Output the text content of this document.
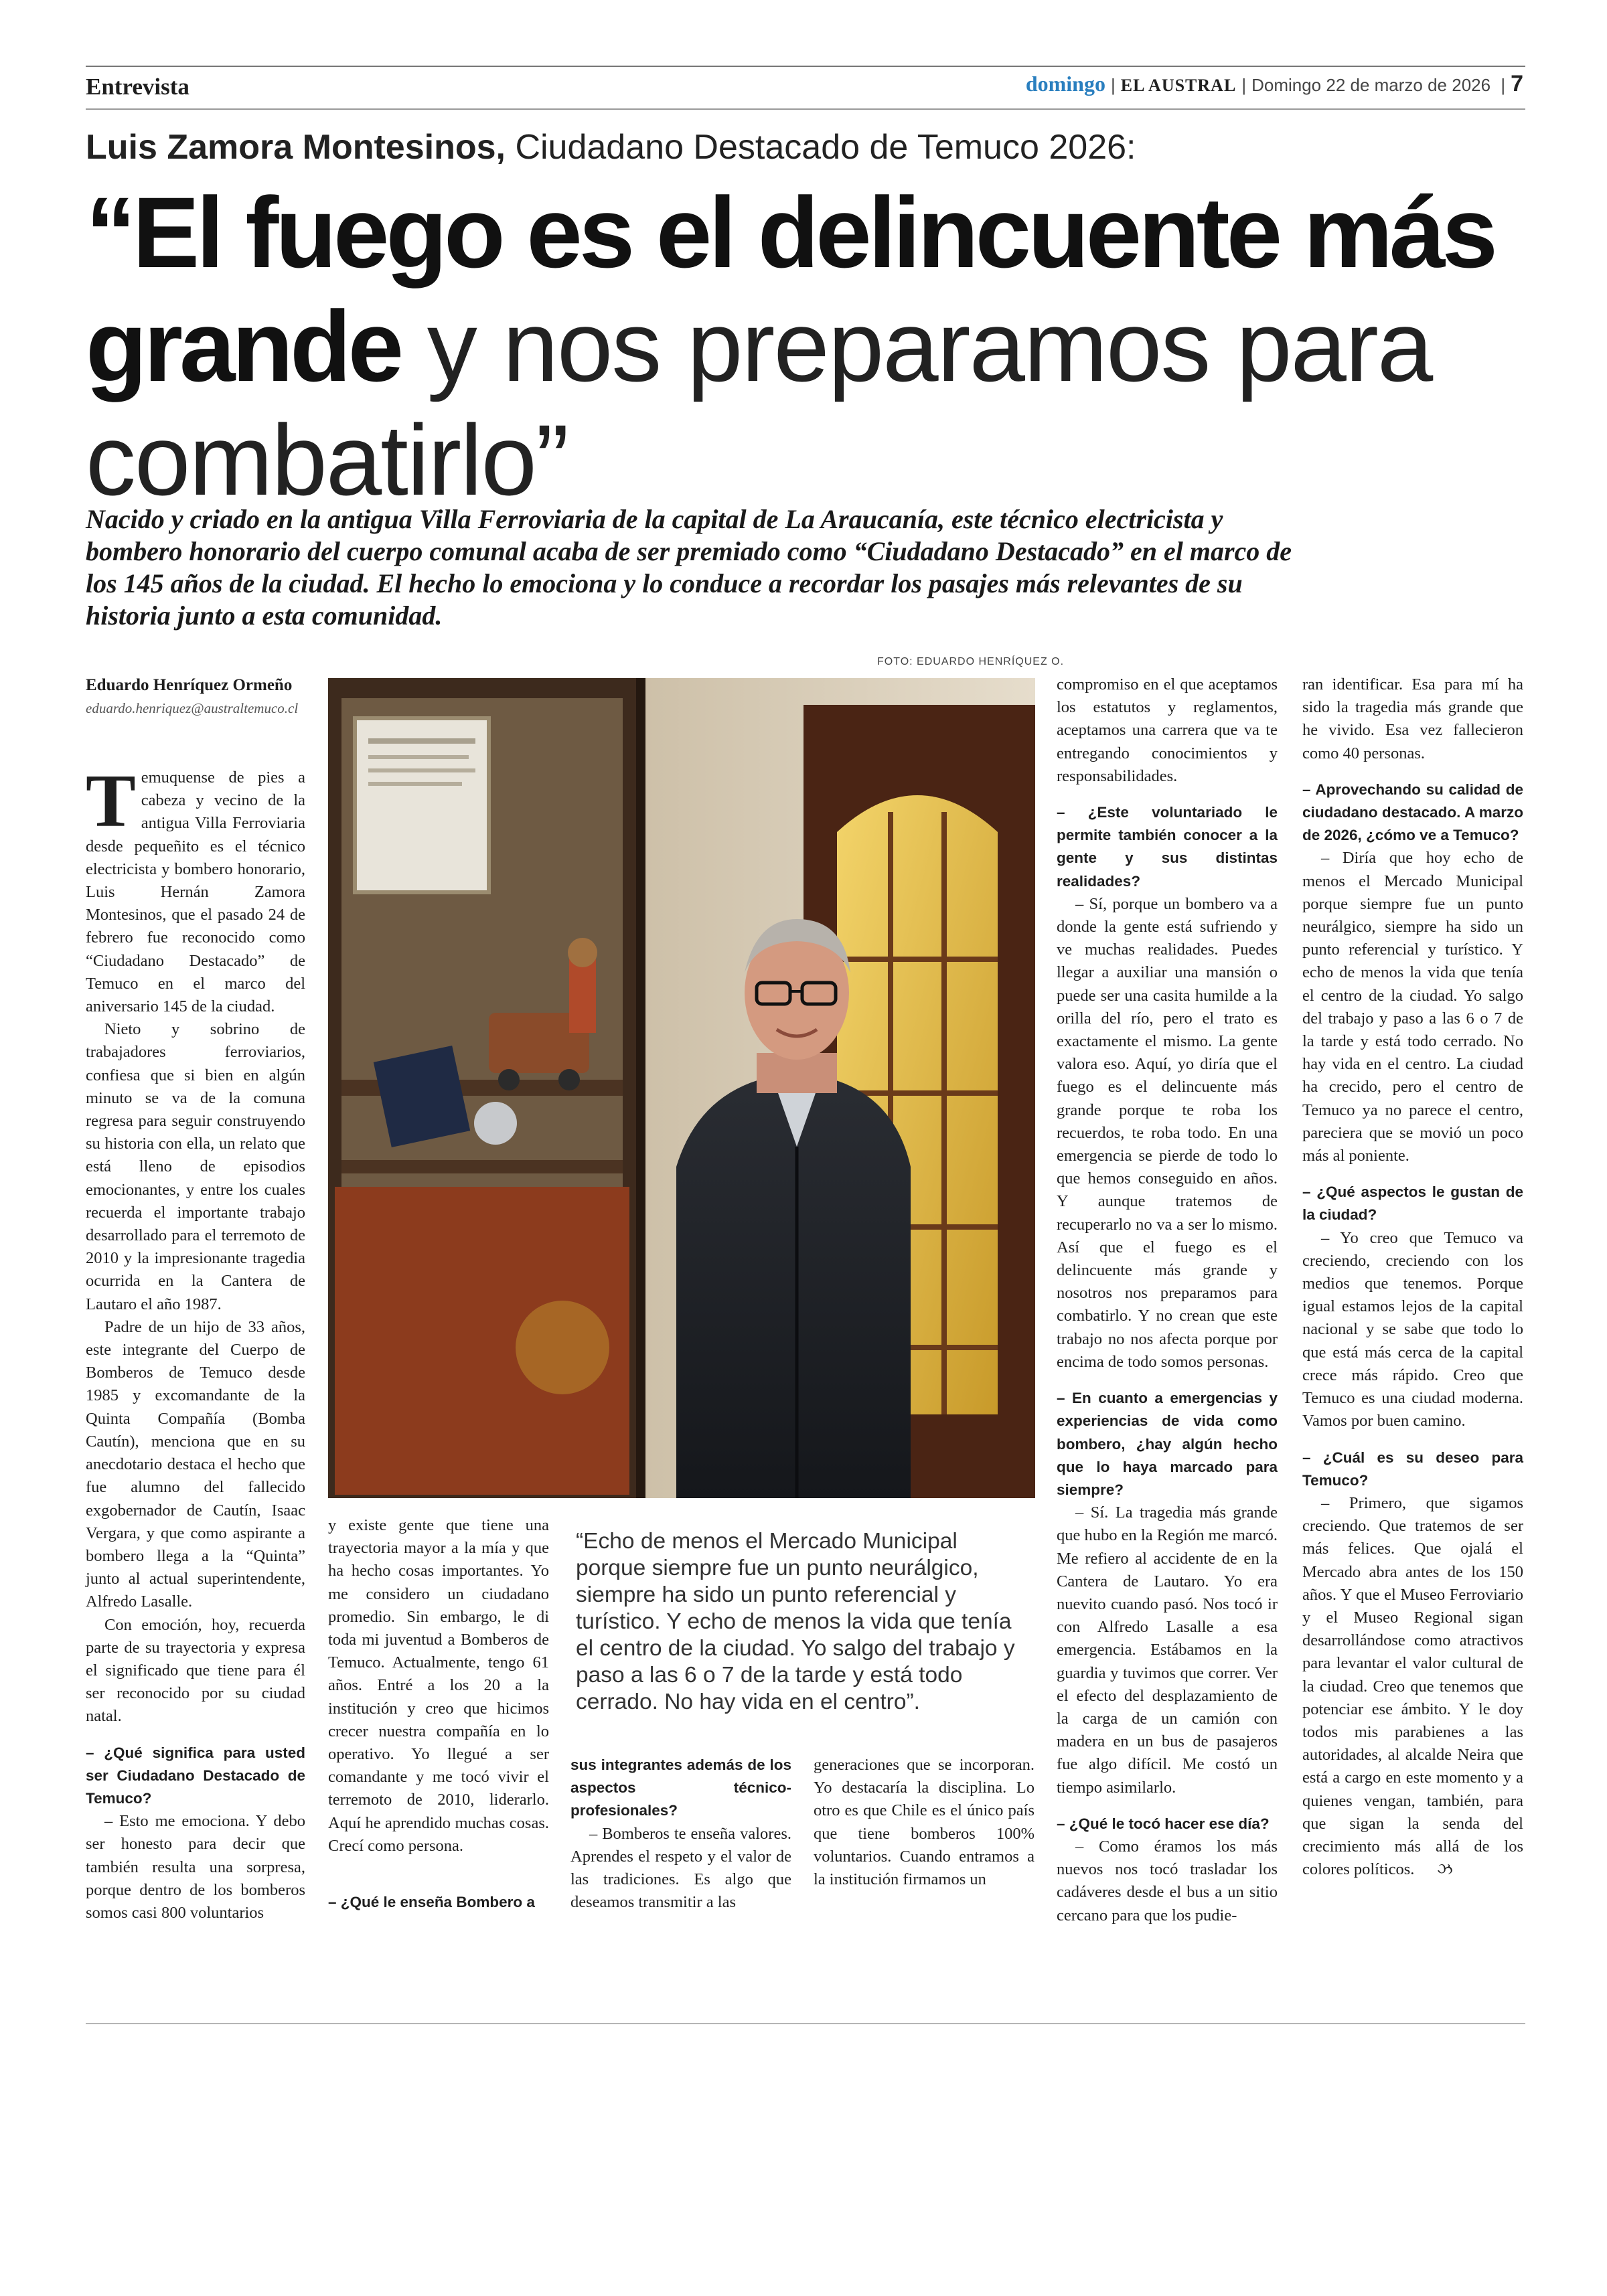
Entrevista	domingo | EL AUSTRAL | Domingo 22 de marzo de 2026 | 7
Luis Zamora Montesinos, Ciudadano Destacado de Temuco 2026:
“El fuego es el delincuente más grande y nos preparamos para combatirlo”
Nacido y criado en la antigua Villa Ferroviaria de la capital de La Araucanía, este técnico electricista y bombero honorario del cuerpo comunal acaba de ser premiado como “Ciudadano Destacado” en el marco de los 145 años de la ciudad. El hecho lo emociona y lo conduce a recordar los pasajes más relevantes de su historia junto a esta comunidad.
FOTO: EDUARDO HENRÍQUEZ O.
Eduardo Henríquez Ormeño
eduardo.henriquez@australtemuco.cl

Temuquense de pies a cabeza y vecino de la antigua Villa Ferroviaria desde pequeñito es el técnico electricista y bombero honorario, Luis Hernán Zamora Montesinos, que el pasado 24 de febrero fue reconocido como “Ciudadano Destacado” de Temuco en el marco del aniversario 145 de la ciudad.

Nieto y sobrino de trabajadores ferroviarios, confiesa que si bien en algún minuto se va de la comuna regresa para seguir construyendo su historia con ella, un relato que está lleno de episodios emocionantes, y entre los cuales recuerda el importante trabajo desarrollado para el terremoto de 2010 y la impresionante tragedia ocurrida en la Cantera de Lautaro el año 1987.

Padre de un hijo de 33 años, este integrante del Cuerpo de Bomberos de Temuco desde 1985 y excomandante de la Quinta Compañía (Bomba Cautín), menciona que en su anecdotario destaca el hecho que fue alumno del fallecido exgobernador de Cautín, Isaac Vergara, y que como aspirante a bombero llega a la “Quinta” junto al actual superintendente, Alfredo Lasalle.

Con emoción, hoy, recuerda parte de su trayectoria y expresa el significado que tiene para él ser reconocido por su ciudad natal.

– ¿Qué significa para usted ser Ciudadano Destacado de Temuco?

– Esto me emociona. Y debo ser honesto para decir que también resulta una sorpresa, porque dentro de los bomberos somos casi 800 voluntarios

y existe gente que tiene una trayectoria mayor a la mía y que ha hecho cosas importantes. Yo me considero un ciudadano promedio. Sin embargo, le di toda mi juventud a Bomberos de Temuco. Actualmente, tengo 61 años. Entré a los 20 a la institución y creo que hicimos crecer nuestra compañía en lo operativo. Yo llegué a ser comandante y me tocó vivir el terremoto de 2010, liderarlo. Aquí he aprendido muchas cosas. Crecí como persona.

– ¿Qué le enseña Bombero a

“Echo de menos el Mercado Municipal porque siempre fue un punto neurálgico, siempre ha sido un punto referencial y turístico. Y echo de menos la vida que tenía el centro de la ciudad. Yo salgo del trabajo y paso a las 6 o 7 de la tarde y está todo cerrado. No hay vida en el centro”.

sus integrantes además de los aspectos técnico-profesionales?

– Bomberos te enseña valores. Aprendes el respeto y el valor de las tradiciones. Es algo que deseamos transmitir a las

generaciones que se incorporan. Yo destacaría la disciplina. Lo otro es que Chile es el único país que tiene bomberos 100% voluntarios. Cuando entramos a la institución firmamos un

compromiso en el que aceptamos los estatutos y reglamentos, aceptamos una carrera que va te entregando conocimientos y responsabilidades.

– ¿Este voluntariado le permite también conocer a la gente y sus distintas realidades?

– Sí, porque un bombero va a donde la gente está sufriendo y ve muchas realidades. Puedes llegar a auxiliar una mansión o puede ser una casita humilde a la orilla del río, pero el trato es exactamente el mismo. La gente valora eso. Aquí, yo diría que el fuego es el delincuente más grande porque te roba los recuerdos, te roba todo. En una emergencia se pierde de todo lo que hemos conseguido en años. Y aunque tratemos de recuperarlo no va a ser lo mismo. Así que el fuego es el delincuente más grande y nosotros nos preparamos para combatirlo. Y no crean que este trabajo no nos afecta porque por encima de todo somos personas.

– En cuanto a emergencias y experiencias de vida como bombero, ¿hay algún hecho que lo haya marcado para siempre?

– Sí. La tragedia más grande que hubo en la Región me marcó. Me refiero al accidente de en la Cantera de Lautaro. Yo era nuevito cuando pasó. Nos tocó ir con Alfredo Lasalle a esa emergencia. Estábamos en la guardia y tuvimos que correr. Ver el efecto del desplazamiento de la carga de un camión con madera en un bus de pasajeros fue algo difícil. Me costó un tiempo asimilarlo.

– ¿Qué le tocó hacer ese día?

– Como éramos los más nuevos nos tocó trasladar los cadáveres desde el bus a un sitio cercano para que los pudie-

ran identificar. Esa para mí ha sido la tragedia más grande que he vivido. Esa vez fallecieron como 40 personas.

– Aprovechando su calidad de ciudadano destacado. A marzo de 2026, ¿cómo ve a Temuco?

– Diría que hoy echo de menos el Mercado Municipal porque siempre fue un punto neurálgico, siempre ha sido un punto referencial y turístico. Y echo de menos la vida que tenía el centro de la ciudad. Yo salgo del trabajo y paso a las 6 o 7 de la tarde y está todo cerrado. No hay vida en el centro. La ciudad ha crecido, pero el centro de Temuco ya no parece el centro, pareciera que se movió un poco más al poniente.

– ¿Qué aspectos le gustan de la ciudad?

– Yo creo que Temuco va creciendo, creciendo con los medios que tenemos. Porque igual estamos lejos de la capital nacional y se sabe que todo lo que está más cerca de la capital crece más rápido. Creo que Temuco es una ciudad moderna. Vamos por buen camino.

– ¿Cuál es su deseo para Temuco?

– Primero, que sigamos creciendo. Que tratemos de ser más felices. Que ojalá el Mercado abra antes de los 150 años. Y que el Museo Ferroviario y el Museo Regional sigan desarrollándose como atractivos para levantar el valor cultural de la ciudad. Creo que tenemos que potenciar ese ámbito. Y le doy todos mis parabienes a las autoridades, al alcalde Neira que está a cargo en este momento y a quienes vengan, también, para que sigan la senda del crecimiento más allá de los colores políticos. ઝ
